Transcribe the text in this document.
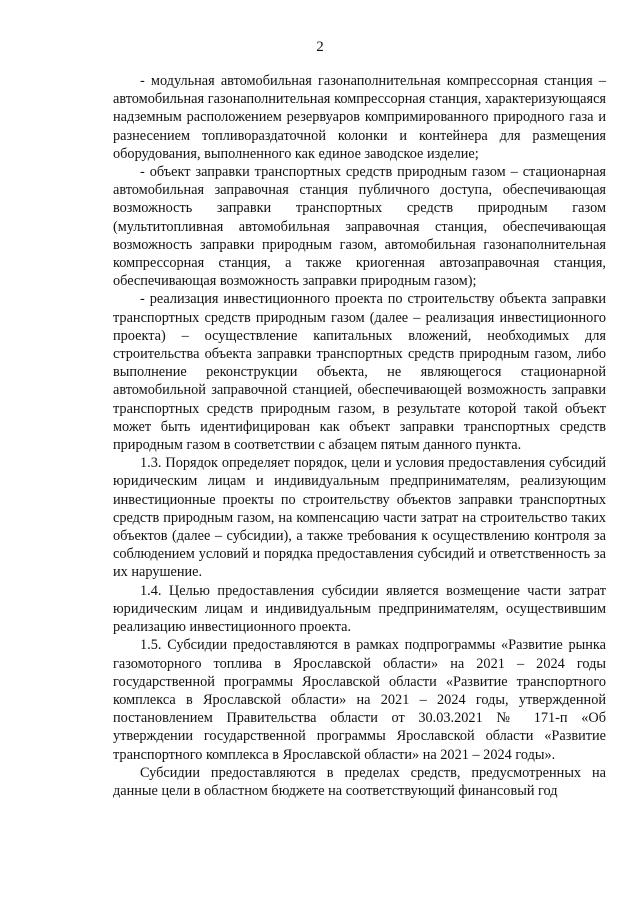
2

- модульная автомобильная газонаполнительная компрессорная станция – автомобильная газонаполнительная компрессорная станция, характеризующаяся надземным расположением резервуаров компримированного природного газа и разнесением топливораздаточной колонки и контейнера для размещения оборудования, выполненного как единое заводское изделие;

- объект заправки транспортных средств природным газом – стационарная автомобильная заправочная станция публичного доступа, обеспечивающая возможность заправки транспортных средств природным газом (мультитопливная автомобильная заправочная станция, обеспечивающая возможность заправки природным газом, автомобильная газонаполнительная компрессорная станция, а также криогенная автозаправочная станция, обеспечивающая возможность заправки природным газом);

- реализация инвестиционного проекта по строительству объекта заправки транспортных средств природным газом (далее – реализация инвестиционного проекта) – осуществление капитальных вложений, необходимых для строительства объекта заправки транспортных средств природным газом, либо выполнение реконструкции объекта, не являющегося стационарной автомобильной заправочной станцией, обеспечивающей возможность заправки транспортных средств природным газом, в результате которой такой объект может быть идентифицирован как объект заправки транспортных средств природным газом в соответствии с абзацем пятым данного пункта.

1.3. Порядок определяет порядок, цели и условия предоставления субсидий юридическим лицам и индивидуальным предпринимателям, реализующим инвестиционные проекты по строительству объектов заправки транспортных средств природным газом, на компенсацию части затрат на строительство таких объектов (далее – субсидии), а также требования к осуществлению контроля за соблюдением условий и порядка предоставления субсидий и ответственность за их нарушение.

1.4. Целью предоставления субсидии является возмещение части затрат юридическим лицам и индивидуальным предпринимателям, осуществившим реализацию инвестиционного проекта.

1.5. Субсидии предоставляются в рамках подпрограммы «Развитие рынка газомоторного топлива в Ярославской области» на 2021 – 2024 годы государственной программы Ярославской области «Развитие транспортного комплекса в Ярославской области» на 2021 – 2024 годы, утвержденной постановлением Правительства области от 30.03.2021 № 171-п «Об утверждении государственной программы Ярославской области «Развитие транспортного комплекса в Ярославской области» на 2021 – 2024 годы».

Субсидии предоставляются в пределах средств, предусмотренных на данные цели в областном бюджете на соответствующий финансовый год
